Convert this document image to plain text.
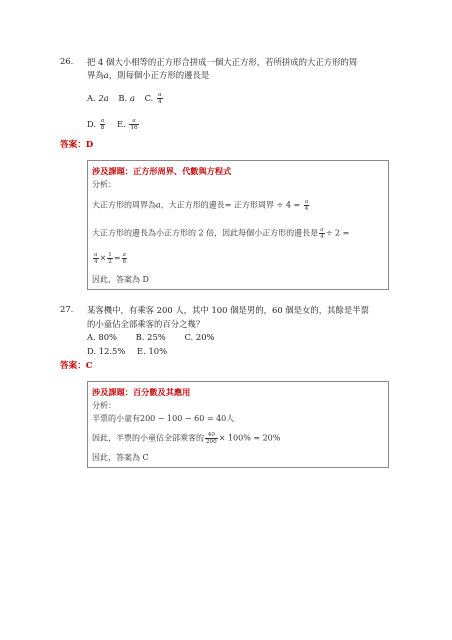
26. 把 4 個大小相等的正方形合拼成一個大正方形，若所拼成的大正方形的周
界為a，則每個小正方形的邊長是
A. 2a B. a C. $\frac{a}{4}$
D. $\frac{a}{8} E$. $\frac{a}{16}$
答案：D
涉及課題：正方形周界、代數與方程式
分析：
大正方形的周界為a，大正方形的邊長= 正方形周界 ÷ $4 = \frac{a}{4}$
大正方形的邊長為小正方形的 2 倍，因此每個小正方形的邊長是 $\frac{a}{4} \div 2$ =
$\frac{a}{4} \times \frac{1}{2} = \frac{a}{8}$
因此，答案為 D
27. 某客機中，有乘客 200 人，其中 100 個是男的，60 個是女的，其餘是半票
的小童佔全部乘客的百分之幾？
A. 80% B. 25% C. 20%
D. 12.5% E. 10%
答案：C
涉及課題：百分數及其應用
分析：
半票的小童有200 − 100 − 60 = 40人
因此，半票的小童佔全部乘客的 $\frac{40}{200} \times 100\% = 20\%$
因此，答案為 C
